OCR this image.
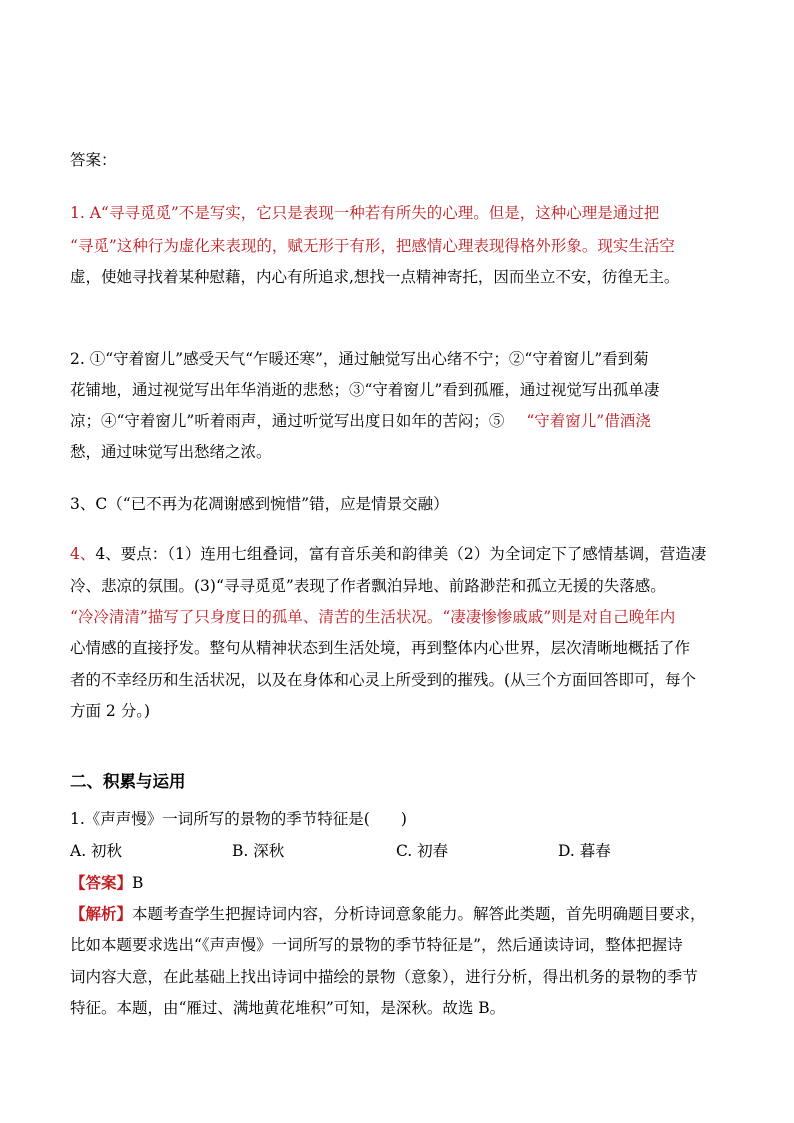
答案：
1. A“寻寻觅觅”不是写实，它只是表现一种若有所失的心理。但是，这种心理是通过把
“寻觅”这种行为虚化来表现的，赋无形于有形，把感情心理表现得格外形象。现实生活空
虚，使她寻找着某种慰藉，内心有所追求,想找一点精神寄托，因而坐立不安，彷徨无主。
2. ①“守着窗儿”感受天气“乍暖还寒”，通过触觉写出心绪不宁；②“守着窗儿”看到菊
花铺地，通过视觉写出年华消逝的悲愁；③“守着窗儿”看到孤雁，通过视觉写出孤单凄
凉；④“守着窗儿”听着雨声，通过听觉写出度日如年的苦闷；⑤ “守着窗儿”借酒浇
愁，通过味觉写出愁绪之浓。
3、C（“已不再为花凋谢感到惋惜”错，应是情景交融）
4、4、要点：（1）连用七组叠词，富有音乐美和韵律美（2）为全词定下了感情基调，营造凄
冷、悲凉的氛围。(3)“寻寻觅觅”表现了作者飘泊异地、前路渺茫和孤立无援的失落感。
“冷冷清清”描写了只身度日的孤单、清苦的生活状况。“凄凄惨惨戚戚”则是对自己晚年内
心情感的直接抒发。整句从精神状态到生活处境，再到整体内心世界，层次清晰地概括了作
者的不幸经历和生活状况，以及在身体和心灵上所受到的摧残。(从三个方面回答即可，每个
方面 2 分。)
二、积累与运用
1.《声声慢》一词所写的景物的季节特征是(　　)
A. 初秋	B. 深秋	C. 初春	D. 暮春
【答案】B
【解析】本题考查学生把握诗词内容，分析诗词意象能力。解答此类题，首先明确题目要求，
比如本题要求选出“《声声慢》一词所写的景物的季节特征是”，然后通读诗词，整体把握诗
词内容大意，在此基础上找出诗词中描绘的景物（意象），进行分析，得出机务的景物的季节
特征。本题，由“雁过、满地黄花堆积”可知，是深秋。故选 B。
